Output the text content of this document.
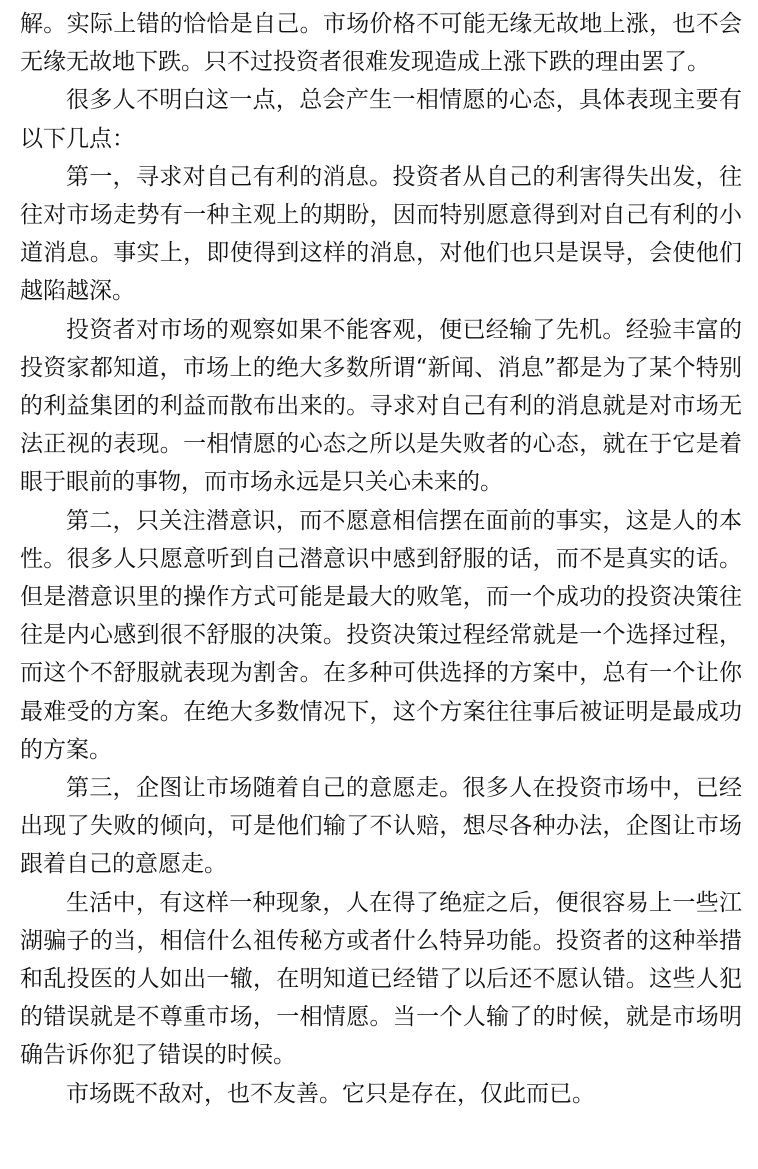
解。实际上错的恰恰是自己。市场价格不可能无缘无故地上涨，也不会无缘无故地下跌。只不过投资者很难发现造成上涨下跌的理由罢了。

很多人不明白这一点，总会产生一相情愿的心态，具体表现主要有以下几点：

第一，寻求对自己有利的消息。投资者从自己的利害得失出发，往往对市场走势有一种主观上的期盼，因而特别愿意得到对自己有利的小道消息。事实上，即使得到这样的消息，对他们也只是误导，会使他们越陷越深。

投资者对市场的观察如果不能客观，便已经输了先机。经验丰富的投资家都知道，市场上的绝大多数所谓“新闻、消息”都是为了某个特别的利益集团的利益而散布出来的。寻求对自己有利的消息就是对市场无法正视的表现。一相情愿的心态之所以是失败者的心态，就在于它是着眼于眼前的事物，而市场永远是只关心未来的。

第二，只关注潜意识，而不愿意相信摆在面前的事实，这是人的本性。很多人只愿意听到自己潜意识中感到舒服的话，而不是真实的话。但是潜意识里的操作方式可能是最大的败笔，而一个成功的投资决策往往是内心感到很不舒服的决策。投资决策过程经常就是一个选择过程，而这个不舒服就表现为割舍。在多种可供选择的方案中，总有一个让你最难受的方案。在绝大多数情况下，这个方案往往事后被证明是最成功的方案。

第三，企图让市场随着自己的意愿走。很多人在投资市场中，已经出现了失败的倾向，可是他们输了不认赔，想尽各种办法，企图让市场跟着自己的意愿走。

生活中，有这样一种现象，人在得了绝症之后，便很容易上一些江湖骗子的当，相信什么祖传秘方或者什么特异功能。投资者的这种举措和乱投医的人如出一辙，在明知道已经错了以后还不愿认错。这些人犯的错误就是不尊重市场，一相情愿。当一个人输了的时候，就是市场明确告诉你犯了错误的时候。

市场既不敌对，也不友善。它只是存在，仅此而已。
